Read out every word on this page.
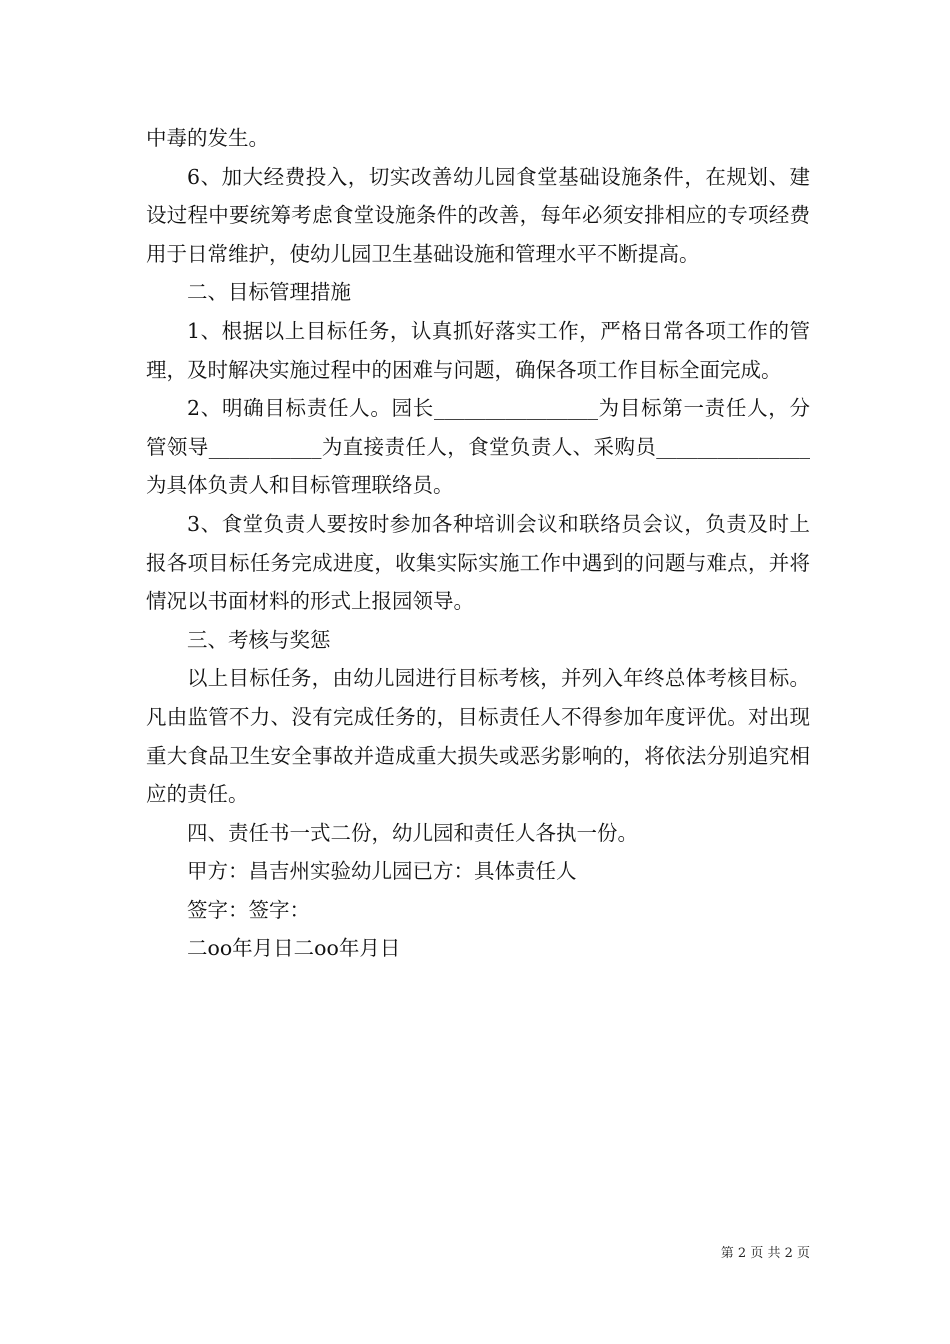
中毒的发生。

6、加大经费投入，切实改善幼儿园食堂基础设施条件，在规划、建设过程中要统筹考虑食堂设施条件的改善，每年必须安排相应的专项经费用于日常维护，使幼儿园卫生基础设施和管理水平不断提高。

二、目标管理措施

1、根据以上目标任务，认真抓好落实工作，严格日常各项工作的管理，及时解决实施过程中的困难与问题，确保各项工作目标全面完成。

2、明确目标责任人。园长________________为目标第一责任人，分管领导___________为直接责任人，食堂负责人、采购员_______________为具体负责人和目标管理联络员。

3、食堂负责人要按时参加各种培训会议和联络员会议，负责及时上报各项目标任务完成进度，收集实际实施工作中遇到的问题与难点，并将情况以书面材料的形式上报园领导。

三、考核与奖惩

以上目标任务，由幼儿园进行目标考核，并列入年终总体考核目标。凡由监管不力、没有完成任务的，目标责任人不得参加年度评优。对出现重大食品卫生安全事故并造成重大损失或恶劣影响的，将依法分别追究相应的责任。

四、责任书一式二份，幼儿园和责任人各执一份。

甲方：昌吉州实验幼儿园已方：具体责任人

签字：签字：

二oo年月日二oo年月日

第 2 页 共 2 页
